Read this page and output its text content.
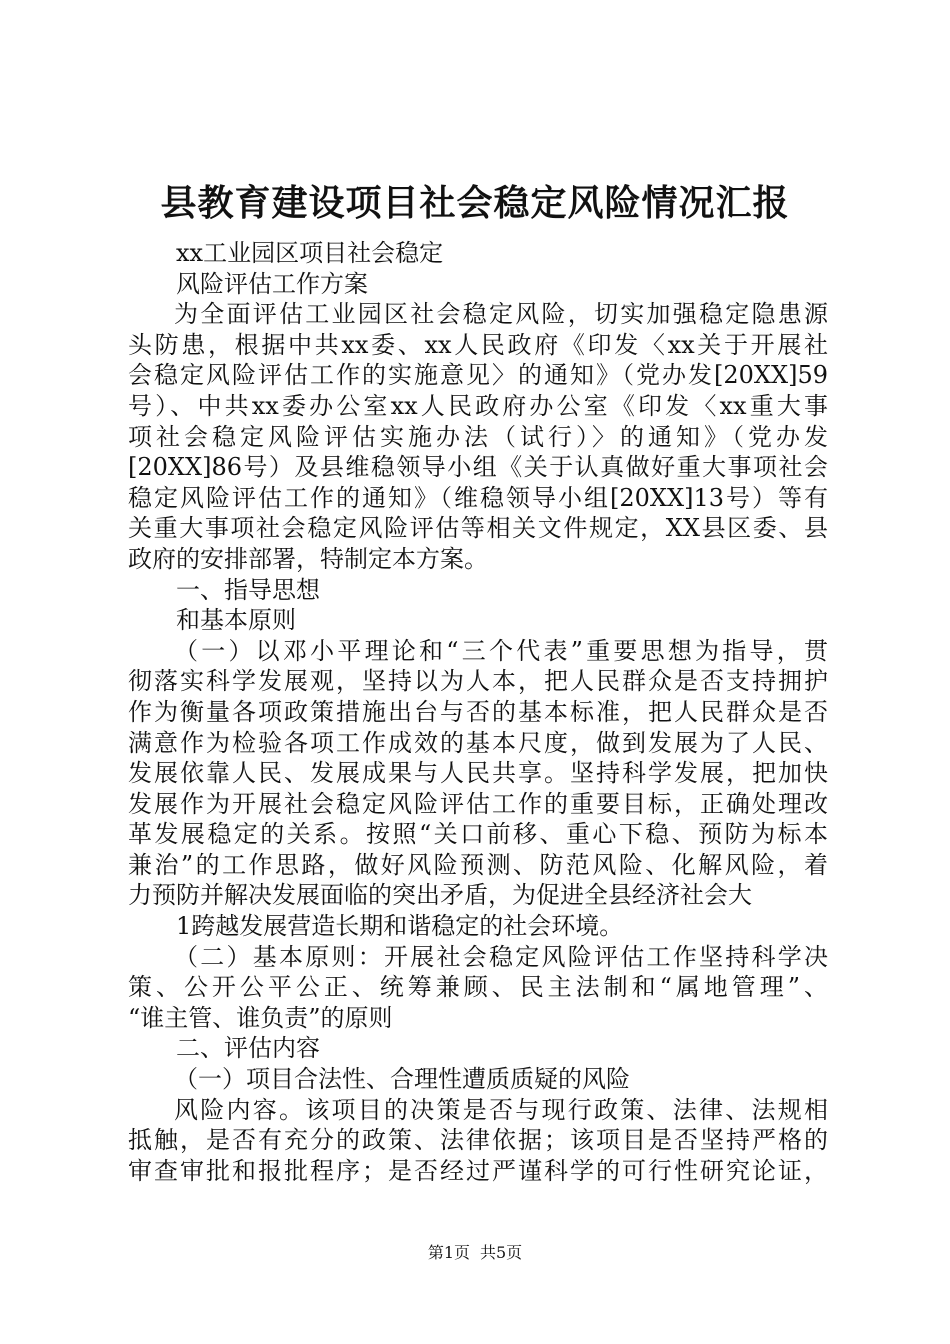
县教育建设项目社会稳定风险情况汇报
xx工业园区项目社会稳定
风险评估工作方案
为全面评估工业园区社会稳定风险，切实加强稳定隐患源
头防患，根据中共xx委、xx人民政府《印发〈xx关于开展社
会稳定风险评估工作的实施意见〉的通知》（党办发[20XX]59
号）、中共xx委办公室xx人民政府办公室《印发〈xx重大事
项社会稳定风险评估实施办法（试行）〉的通知》（党办发
[20XX]86号）及县维稳领导小组《关于认真做好重大事项社会
稳定风险评估工作的通知》（维稳领导小组[20XX]13号）等有
关重大事项社会稳定风险评估等相关文件规定，XX县区委、县
政府的安排部署，特制定本方案。
一、指导思想
和基本原则
（一）以邓小平理论和“三个代表”重要思想为指导，贯
彻落实科学发展观，坚持以为人本，把人民群众是否支持拥护
作为衡量各项政策措施出台与否的基本标准，把人民群众是否
满意作为检验各项工作成效的基本尺度，做到发展为了人民、
发展依靠人民、发展成果与人民共享。坚持科学发展，把加快
发展作为开展社会稳定风险评估工作的重要目标，正确处理改
革发展稳定的关系。按照“关口前移、重心下稳、预防为标本
兼治”的工作思路，做好风险预测、防范风险、化解风险，着
力预防并解决发展面临的突出矛盾，为促进全县经济社会大
1跨越发展营造长期和谐稳定的社会环境。
（二）基本原则：开展社会稳定风险评估工作坚持科学决
策、公开公平公正、统筹兼顾、民主法制和“属地管理”、
“谁主管、谁负责”的原则
二、评估内容
（一）项目合法性、合理性遭质质疑的风险
风险内容。该项目的决策是否与现行政策、法律、法规相
抵触，是否有充分的政策、法律依据；该项目是否坚持严格的
审查审批和报批程序；是否经过严谨科学的可行性研究论证，
第1页 共5页
